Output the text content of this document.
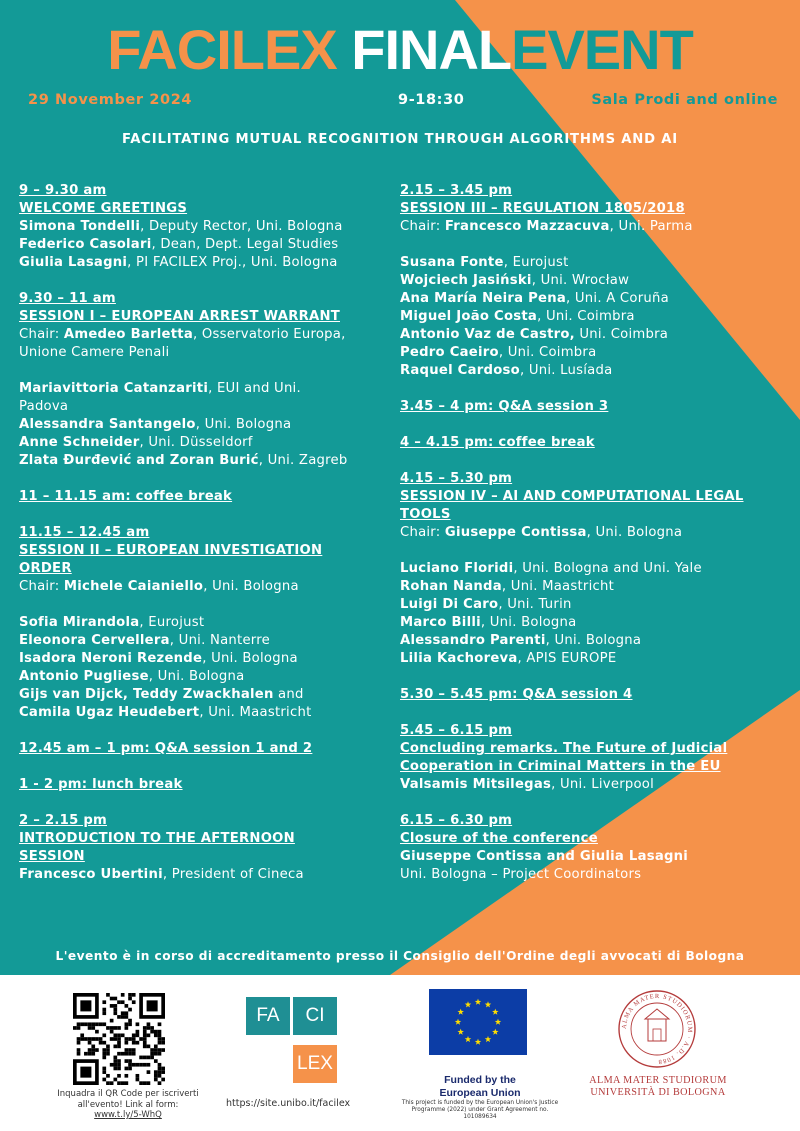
FACILEX FINALEVENT
29 November 2024	9-18:30	Sala Prodi and online
FACILITATING MUTUAL RECOGNITION THROUGH ALGORITHMS AND AI
9 – 9.30 am
WELCOME GREETINGS
Simona Tondelli, Deputy Rector, Uni. Bologna
Federico Casolari, Dean, Dept. Legal Studies
Giulia Lasagni, PI FACILEX Proj., Uni. Bologna
9.30 – 11 am
SESSION I – EUROPEAN ARREST WARRANT
Chair: Amedeo Barletta, Osservatorio Europa,
Unione Camere Penali
Mariavittoria Catanzariti, EUI and Uni.
Padova
Alessandra Santangelo, Uni. Bologna
Anne Schneider, Uni. Düsseldorf
Zlata Đurđević and Zoran Burić, Uni. Zagreb
11 – 11.15 am: coffee break
11.15 – 12.45 am
SESSION II – EUROPEAN INVESTIGATION
ORDER
Chair: Michele Caianiello, Uni. Bologna
Sofia Mirandola, Eurojust
Eleonora Cervellera, Uni. Nanterre
Isadora Neroni Rezende, Uni. Bologna
Antonio Pugliese, Uni. Bologna
Gijs van Dijck, Teddy Zwackhalen and
Camila Ugaz Heudebert, Uni. Maastricht
12.45 am – 1 pm: Q&A session 1 and 2
1 - 2 pm: lunch break
2 – 2.15 pm
INTRODUCTION TO THE AFTERNOON
SESSION
Francesco Ubertini, President of Cineca
2.15 – 3.45 pm
SESSION III – REGULATION 1805/2018
Chair: Francesco Mazzacuva, Uni. Parma
Susana Fonte, Eurojust
Wojciech Jasiński, Uni. Wrocław
Ana María Neira Pena, Uni. A Coruña
Miguel João Costa, Uni. Coimbra
Antonio Vaz de Castro, Uni. Coimbra
Pedro Caeiro, Uni. Coimbra
Raquel Cardoso, Uni. Lusíada
3.45 – 4 pm: Q&A session 3
4 – 4.15 pm: coffee break
4.15 – 5.30 pm
SESSION IV – AI AND COMPUTATIONAL LEGAL
TOOLS
Chair: Giuseppe Contissa, Uni. Bologna
Luciano Floridi, Uni. Bologna and Uni. Yale
Rohan Nanda, Uni. Maastricht
Luigi Di Caro, Uni. Turin
Marco Billi, Uni. Bologna
Alessandro Parenti, Uni. Bologna
Lilia Kachoreva, APIS EUROPE
5.30 – 5.45 pm: Q&A session 4
5.45 – 6.15 pm
Concluding remarks. The Future of Judicial
Cooperation in Criminal Matters in the EU
Valsamis Mitsilegas, Uni. Liverpool
6.15 – 6.30 pm
Closure of the conference
Giuseppe Contissa and Giulia Lasagni
Uni. Bologna – Project Coordinators
L'evento è in corso di accreditamento presso il Consiglio dell'Ordine degli avvocati di Bologna
Inquadra il QR Code per iscriverti all'evento! Link al form:
www.t.ly/5-WhQ
FA	CI
LEX
https://site.unibo.it/facilex
Funded by the European Union
This project is funded by the European Union's Justice Programme (2022) under Grant Agreement no. 101089634
ALMA MATER STUDIORUM · A.D. 1088
ALMA MATER STUDIORUM
UNIVERSITÀ DI BOLOGNA
